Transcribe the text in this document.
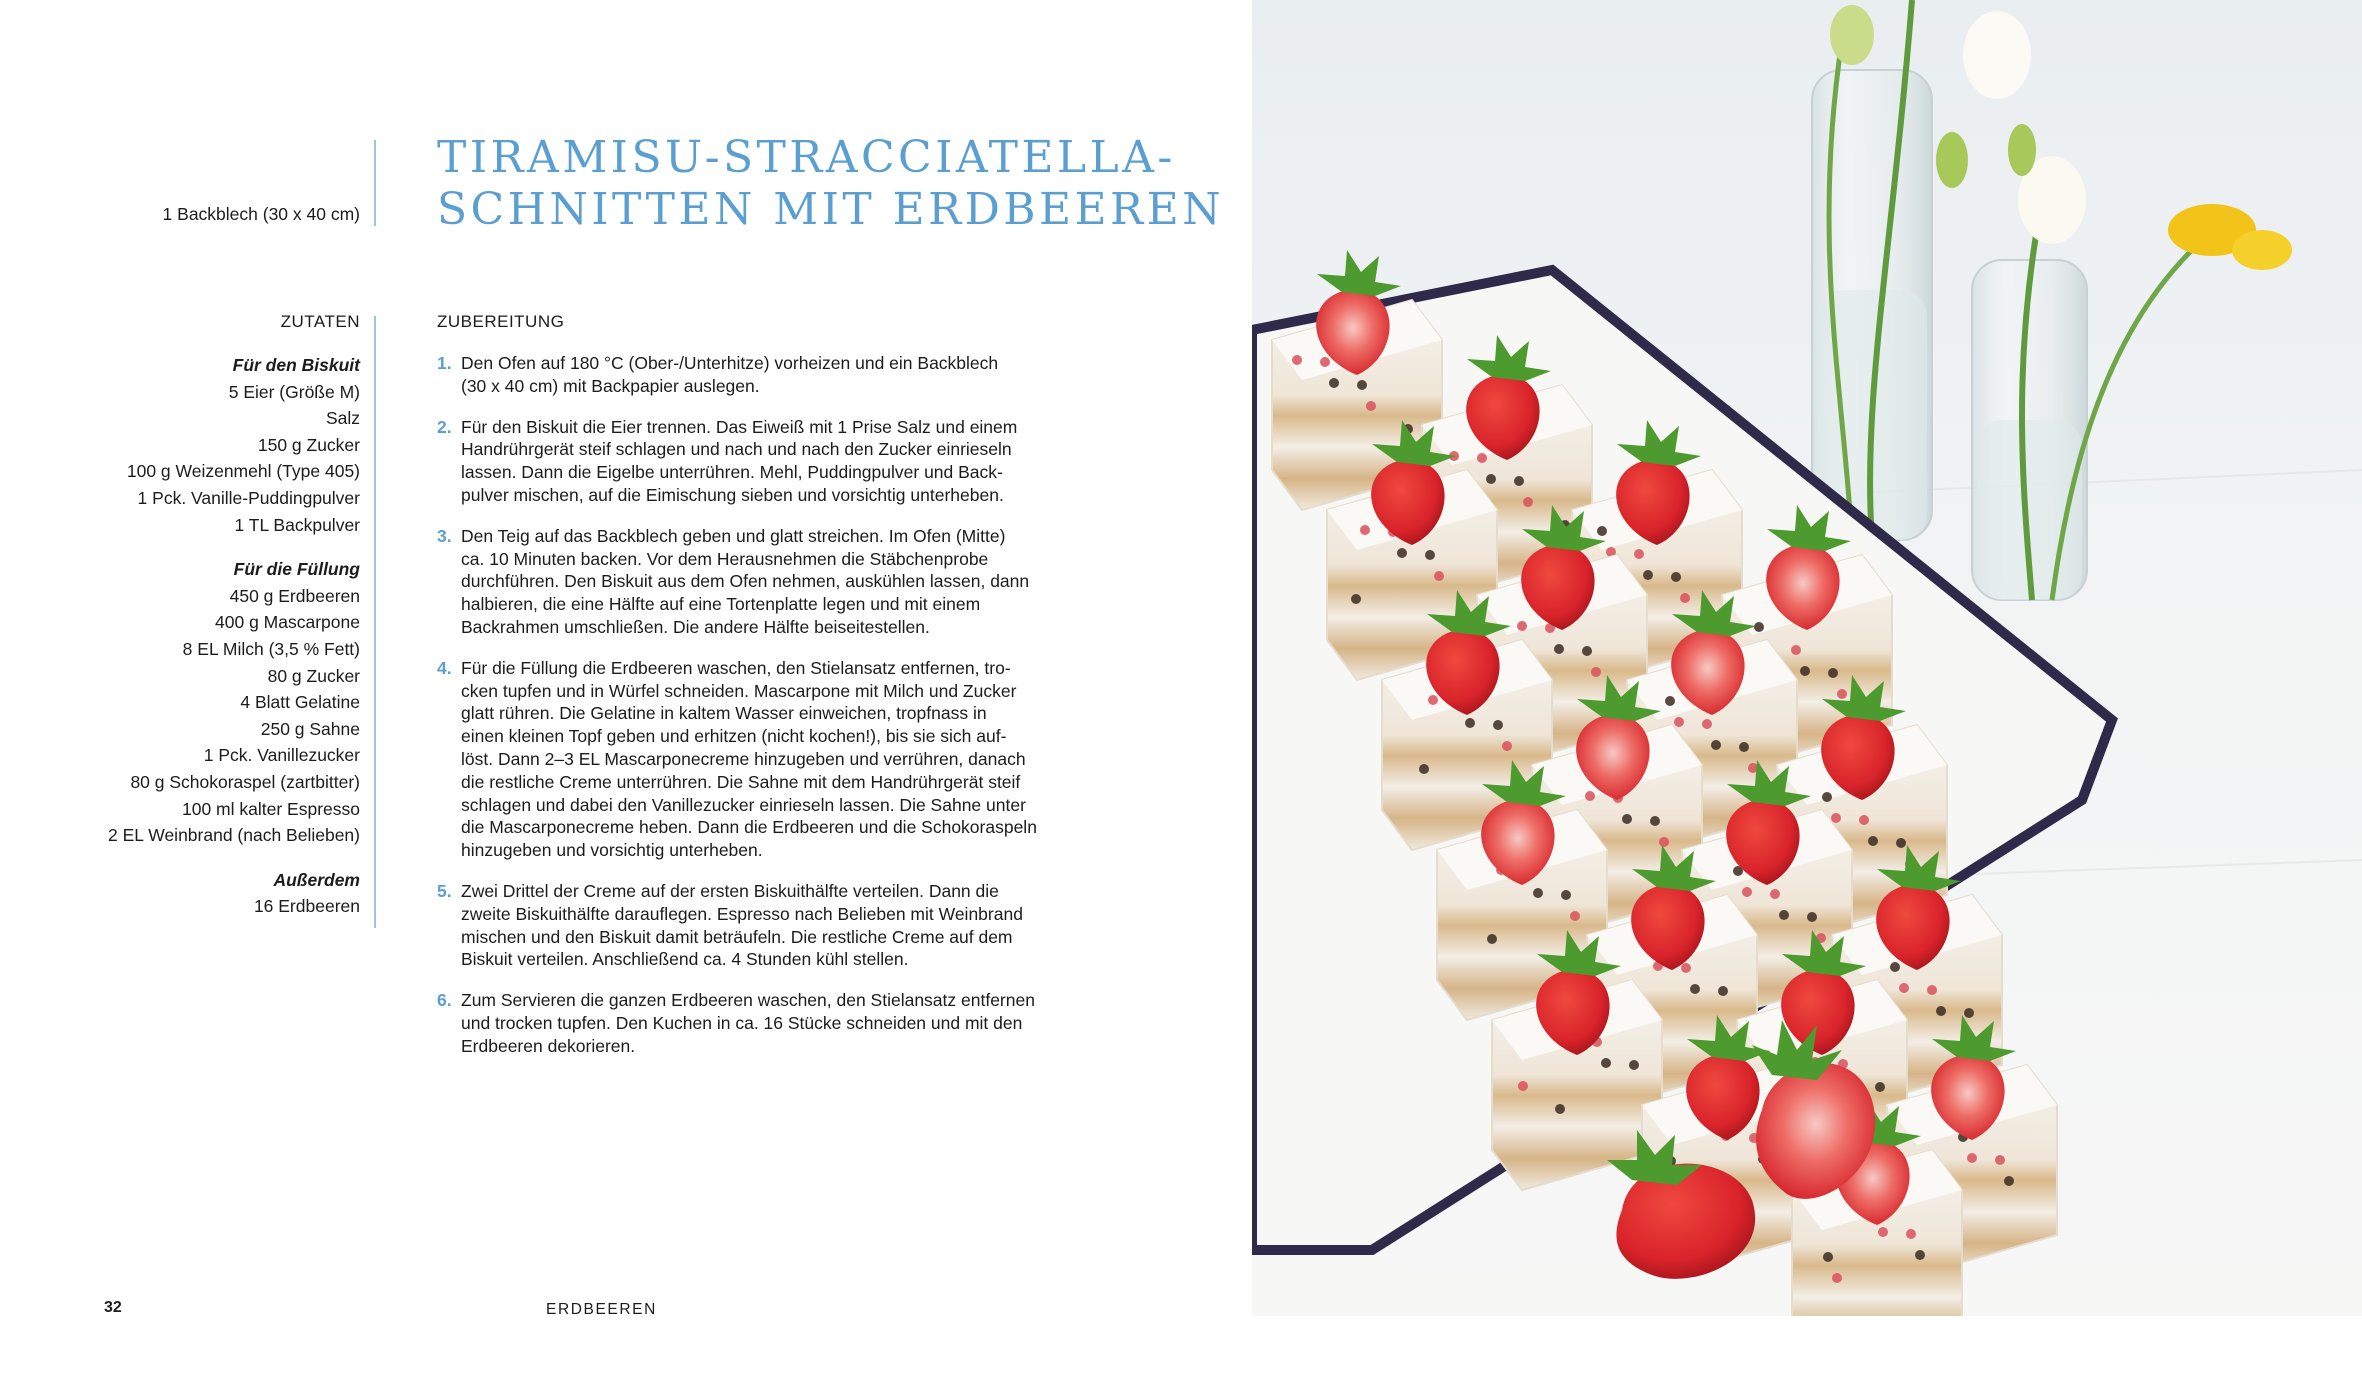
1 Backblech (30 x 40 cm)
TIRAMISU-STRACCIATELLA-
SCHNITTEN MIT ERDBEEREN
ZUTATEN
Für den Biskuit
5 Eier (Größe M)
Salz
150 g Zucker
100 g Weizenmehl (Type 405)
1 Pck. Vanille-Puddingpulver
1 TL Backpulver
Für die Füllung
450 g Erdbeeren
400 g Mascarpone
8 EL Milch (3,5 % Fett)
80 g Zucker
4 Blatt Gelatine
250 g Sahne
1 Pck. Vanillezucker
80 g Schokoraspel (zartbitter)
100 ml kalter Espresso
2 EL Weinbrand (nach Belieben)
Außerdem
16 Erdbeeren
ZUBEREITUNG
1. Den Ofen auf 180 °C (Ober-/Unterhitze) vorheizen und ein Backblech
(30 x 40 cm) mit Backpapier auslegen.
2. Für den Biskuit die Eier trennen. Das Eiweiß mit 1 Prise Salz und einem
Handrührgerät steif schlagen und nach und nach den Zucker einrieseln
lassen. Dann die Eigelbe unterrühren. Mehl, Puddingpulver und Back-
pulver mischen, auf die Eimischung sieben und vorsichtig unterheben.
3. Den Teig auf das Backblech geben und glatt streichen. Im Ofen (Mitte)
ca. 10 Minuten backen. Vor dem Herausnehmen die Stäbchenprobe
durchführen. Den Biskuit aus dem Ofen nehmen, auskühlen lassen, dann
halbieren, die eine Hälfte auf eine Tortenplatte legen und mit einem
Backrahmen umschließen. Die andere Hälfte beiseitestellen.
4. Für die Füllung die Erdbeeren waschen, den Stielansatz entfernen, tro-
cken tupfen und in Würfel schneiden. Mascarpone mit Milch und Zucker
glatt rühren. Die Gelatine in kaltem Wasser einweichen, tropfnass in
einen kleinen Topf geben und erhitzen (nicht kochen!), bis sie sich auf-
löst. Dann 2–3 EL Mascarponecreme hinzugeben und verrühren, danach
die restliche Creme unterrühren. Die Sahne mit dem Handrührgerät steif
schlagen und dabei den Vanillezucker einrieseln lassen. Die Sahne unter
die Mascarponecreme heben. Dann die Erdbeeren und die Schokoraspeln
hinzugeben und vorsichtig unterheben.
5. Zwei Drittel der Creme auf der ersten Biskuithälfte verteilen. Dann die
zweite Biskuithälfte darauflegen. Espresso nach Belieben mit Weinbrand
mischen und den Biskuit damit beträufeln. Die restliche Creme auf dem
Biskuit verteilen. Anschließend ca. 4 Stunden kühl stellen.
6. Zum Servieren die ganzen Erdbeeren waschen, den Stielansatz entfernen
und trocken tupfen. Den Kuchen in ca. 16 Stücke schneiden und mit den
Erdbeeren dekorieren.
32	ERDBEEREN
